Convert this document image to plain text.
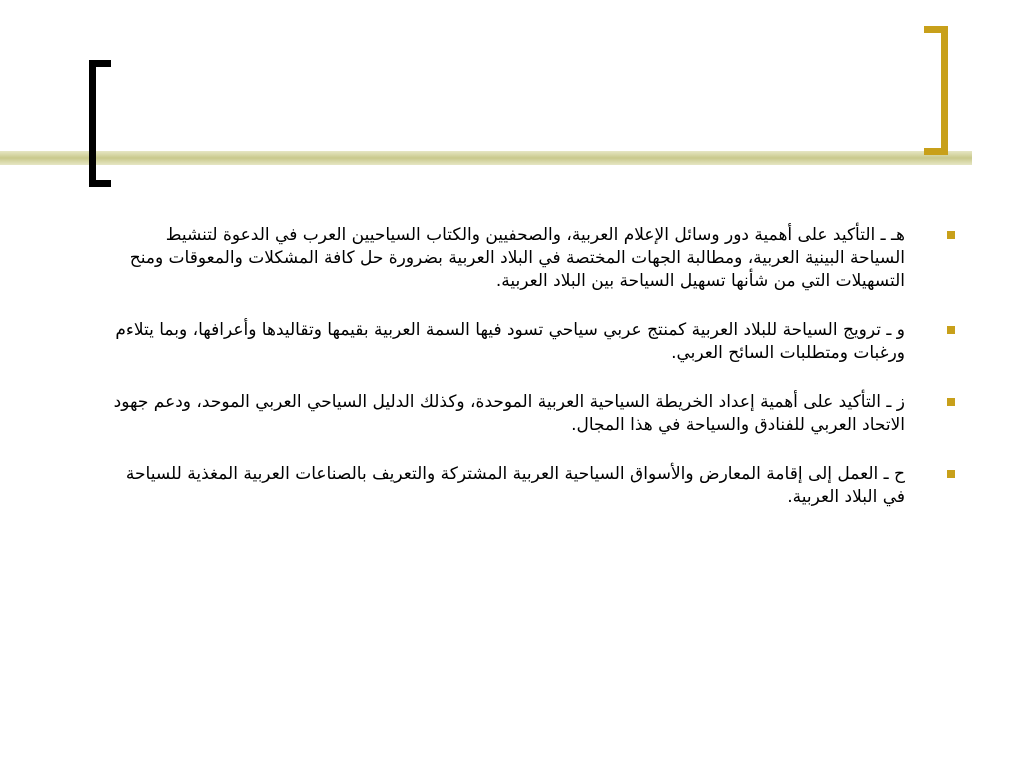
هـ ـ التأكيد على أهمية دور وسائل الإعلام العربية، والصحفيين والكتاب السياحيين العرب في الدعوة لتنشيط السياحة البينية العربية، ومطالبة الجهات المختصة في البلاد العربية بضرورة حل كافة المشكلات والمعوقات ومنح التسهيلات التي من شأنها تسهيل السياحة بين البلاد العربية.
و ـ ترويج السياحة للبلاد العربية كمنتج عربي سياحي تسود فيها السمة العربية بقيمها وتقاليدها وأعرافها، وبما يتلاءم ورغبات ومتطلبات السائح العربي.
ز ـ التأكيد على أهمية إعداد الخريطة السياحية العربية الموحدة، وكذلك الدليل السياحي العربي الموحد، ودعم جهود الاتحاد العربي للفنادق والسياحة في هذا المجال.
ح ـ العمل إلى إقامة المعارض والأسواق السياحية العربية المشتركة والتعريف بالصناعات العربية المغذية للسياحة في البلاد العربية.
